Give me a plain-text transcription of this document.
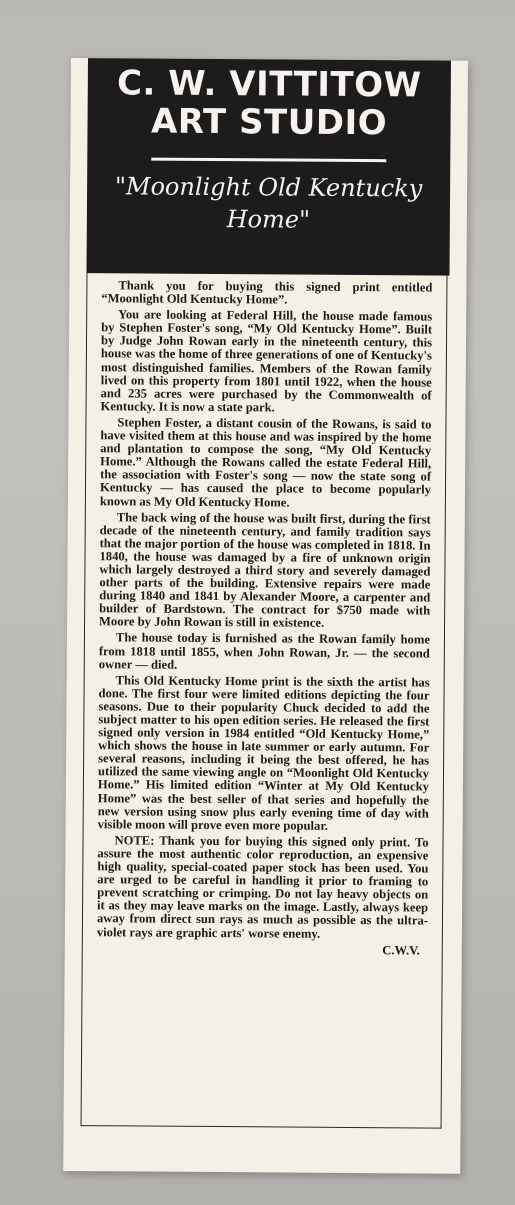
C. W. VITTITOW
ART STUDIO
"Moonlight Old Kentucky Home"

Thank you for buying this signed print entitled “Moonlight Old Kentucky Home”.

You are looking at Federal Hill, the house made famous by Stephen Foster's song, “My Old Kentucky Home”. Built by Judge John Rowan early in the nineteenth century, this house was the home of three generations of one of Kentucky's most distinguished families. Members of the Rowan family lived on this property from 1801 until 1922, when the house and 235 acres were purchased by the Commonwealth of Kentucky. It is now a state park.

Stephen Foster, a distant cousin of the Rowans, is said to have visited them at this house and was inspired by the home and plantation to compose the song, “My Old Kentucky Home.” Although the Rowans called the estate Federal Hill, the association with Foster's song — now the state song of Kentucky — has caused the place to become popularly known as My Old Kentucky Home.

The back wing of the house was built first, during the first decade of the nineteenth century, and family tradition says that the major portion of the house was completed in 1818. In 1840, the house was damaged by a fire of unknown origin which largely destroyed a third story and severely damaged other parts of the building. Extensive repairs were made during 1840 and 1841 by Alexander Moore, a carpenter and builder of Bardstown. The contract for $750 made with Moore by John Rowan is still in existence.

The house today is furnished as the Rowan family home from 1818 until 1855, when John Rowan, Jr. — the second owner — died.

This Old Kentucky Home print is the sixth the artist has done. The first four were limited editions depicting the four seasons. Due to their popularity Chuck decided to add the subject matter to his open edition series. He released the first signed only version in 1984 entitled “Old Kentucky Home,” which shows the house in late summer or early autumn. For several reasons, including it being the best offered, he has utilized the same viewing angle on “Moonlight Old Kentucky Home.” His limited edition “Winter at My Old Kentucky Home” was the best seller of that series and hopefully the new version using snow plus early evening time of day with visible moon will prove even more popular.

NOTE: Thank you for buying this signed only print. To assure the most authentic color reproduction, an expensive high quality, special-coated paper stock has been used. You are urged to be careful in handling it prior to framing to prevent scratching or crimping. Do not lay heavy objects on it as they may leave marks on the image. Lastly, always keep away from direct sun rays as much as possible as the ultra-violet rays are graphic arts' worse enemy.

C.W.V.
